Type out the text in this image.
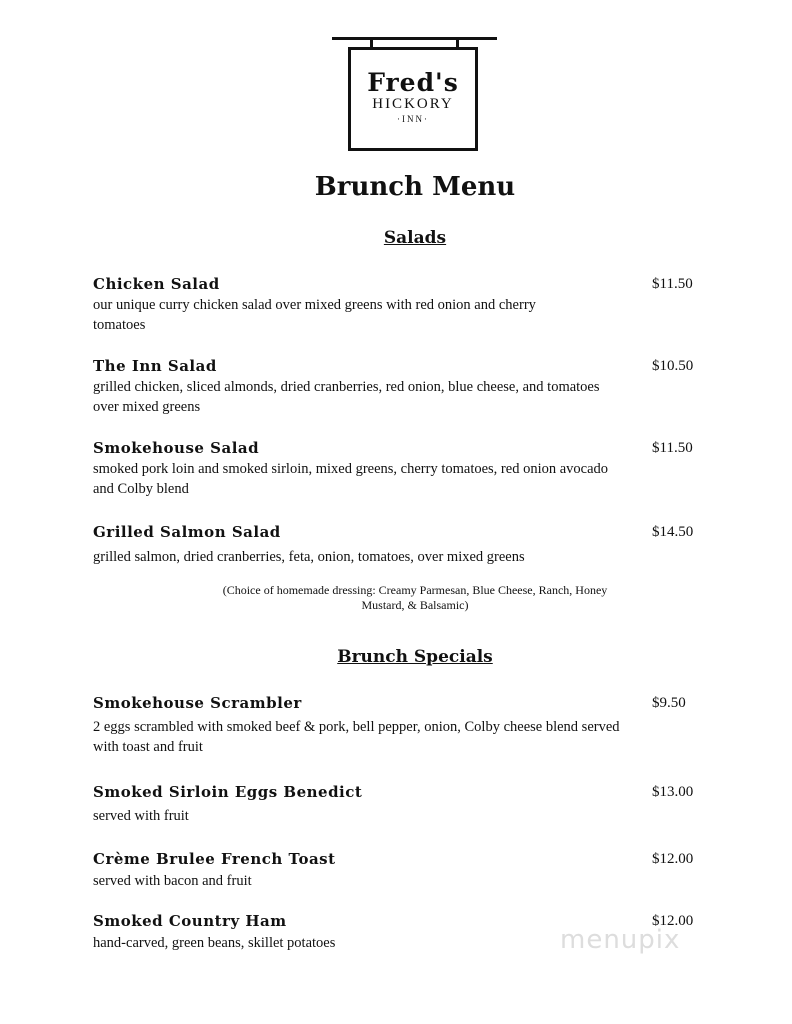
Fred's
HICKORY
·INN·
Brunch Menu
Salads
Chicken Salad	$11.50
our unique curry chicken salad over mixed greens with red onion and cherry tomatoes
The Inn Salad	$10.50
grilled chicken, sliced almonds, dried cranberries, red onion, blue cheese, and tomatoes over mixed greens
Smokehouse Salad	$11.50
smoked pork loin and smoked sirloin, mixed greens, cherry tomatoes, red onion avocado and Colby blend
Grilled Salmon Salad	$14.50
grilled salmon, dried cranberries, feta, onion, tomatoes, over mixed greens
(Choice of homemade dressing: Creamy Parmesan, Blue Cheese, Ranch, Honey Mustard, & Balsamic)
Brunch Specials
Smokehouse Scrambler	$9.50
2 eggs scrambled with smoked beef & pork, bell pepper, onion, Colby cheese blend served with toast and fruit
Smoked Sirloin Eggs Benedict	$13.00
served with fruit
Crème Brulee French Toast	$12.00
served with bacon and fruit
Smoked Country Ham	$12.00
hand-carved, green beans, skillet potatoes	menupix
